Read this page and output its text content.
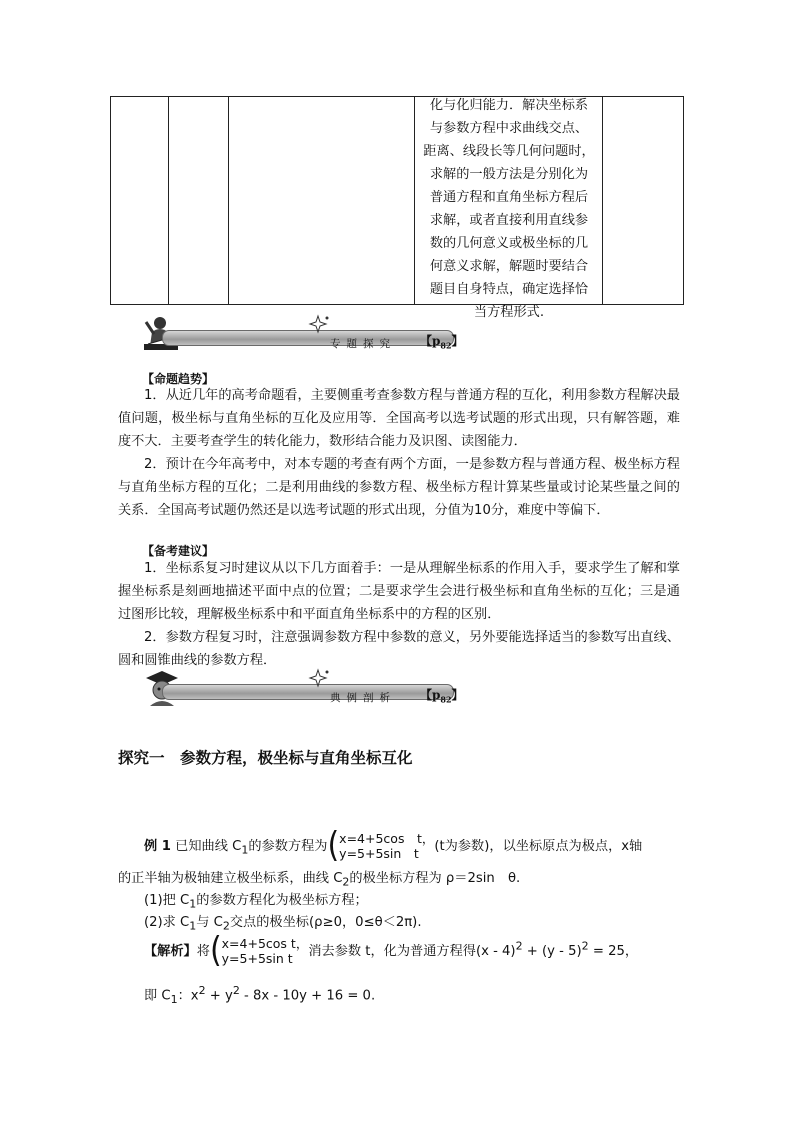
化与化归能力．解决坐标系
与参数方程中求曲线交点、
距离、线段长等几何问题时，
求解的一般方法是分别化为
普通方程和直角坐标方程后
求解，或者直接利用直线参
数的几何意义或极坐标的几
何意义求解，解题时要结合
题目自身特点，确定选择恰
当方程形式.
专题探究 【$p_{82}$】
【命题趋势】

1．从近几年的高考命题看，主要侧重考查参数方程与普通方程的互化，利用参数方程解决最值问题，极坐标与直角坐标的互化及应用等．全国高考以选考试题的形式出现，只有解答题，难度不大．主要考查学生的转化能力，数形结合能力及识图、读图能力．

2．预计在今年高考中，对本专题的考查有两个方面，一是参数方程与普通方程、极坐标方程与直角坐标方程的互化；二是利用曲线的参数方程、极坐标方程计算某些量或讨论某些量之间的关系．全国高考试题仍然还是以选考试题的形式出现，分值为10分，难度中等偏下．

【备考建议】

1．坐标系复习时建议从以下几方面着手：一是从理解坐标系的作用入手，要求学生了解和掌握坐标系是刻画地描述平面中点的位置；二是要求学生会进行极坐标和直角坐标的互化；三是通过图形比较，理解极坐标系中和平面直角坐标系中的方程的区别．

2．参数方程复习时，注意强调参数方程中参数的意义，另外要能选择适当的参数写出直线、圆和圆锥曲线的参数方程．

典例剖析 【$p_{82}$】
探究一　参数方程，极坐标与直角坐标互化
例 1 已知曲线 $C_1$的参数方程为(x=4+5cos　t，
y=5+5sin　t (t为参数)，以坐标原点为极点，x轴
的正半轴为极轴建立极坐标系，曲线 $C_2$的极坐标方程为 ρ＝2sin　θ.
(1)把 $C_1$的参数方程化为极坐标方程；
(2)求 $C_1$与 $C_2$交点的极坐标(ρ≥0，0≤θ＜2π).
【解析】将(x=4+5cos t，
y=5+5sin t 消去参数 t，化为普通方程得(x - 4)$^2$ + (y - 5)$^2$ = 25，
即 $C_1$：$x^2 + y^2 - 8x - 10y + 16 = 0$.
